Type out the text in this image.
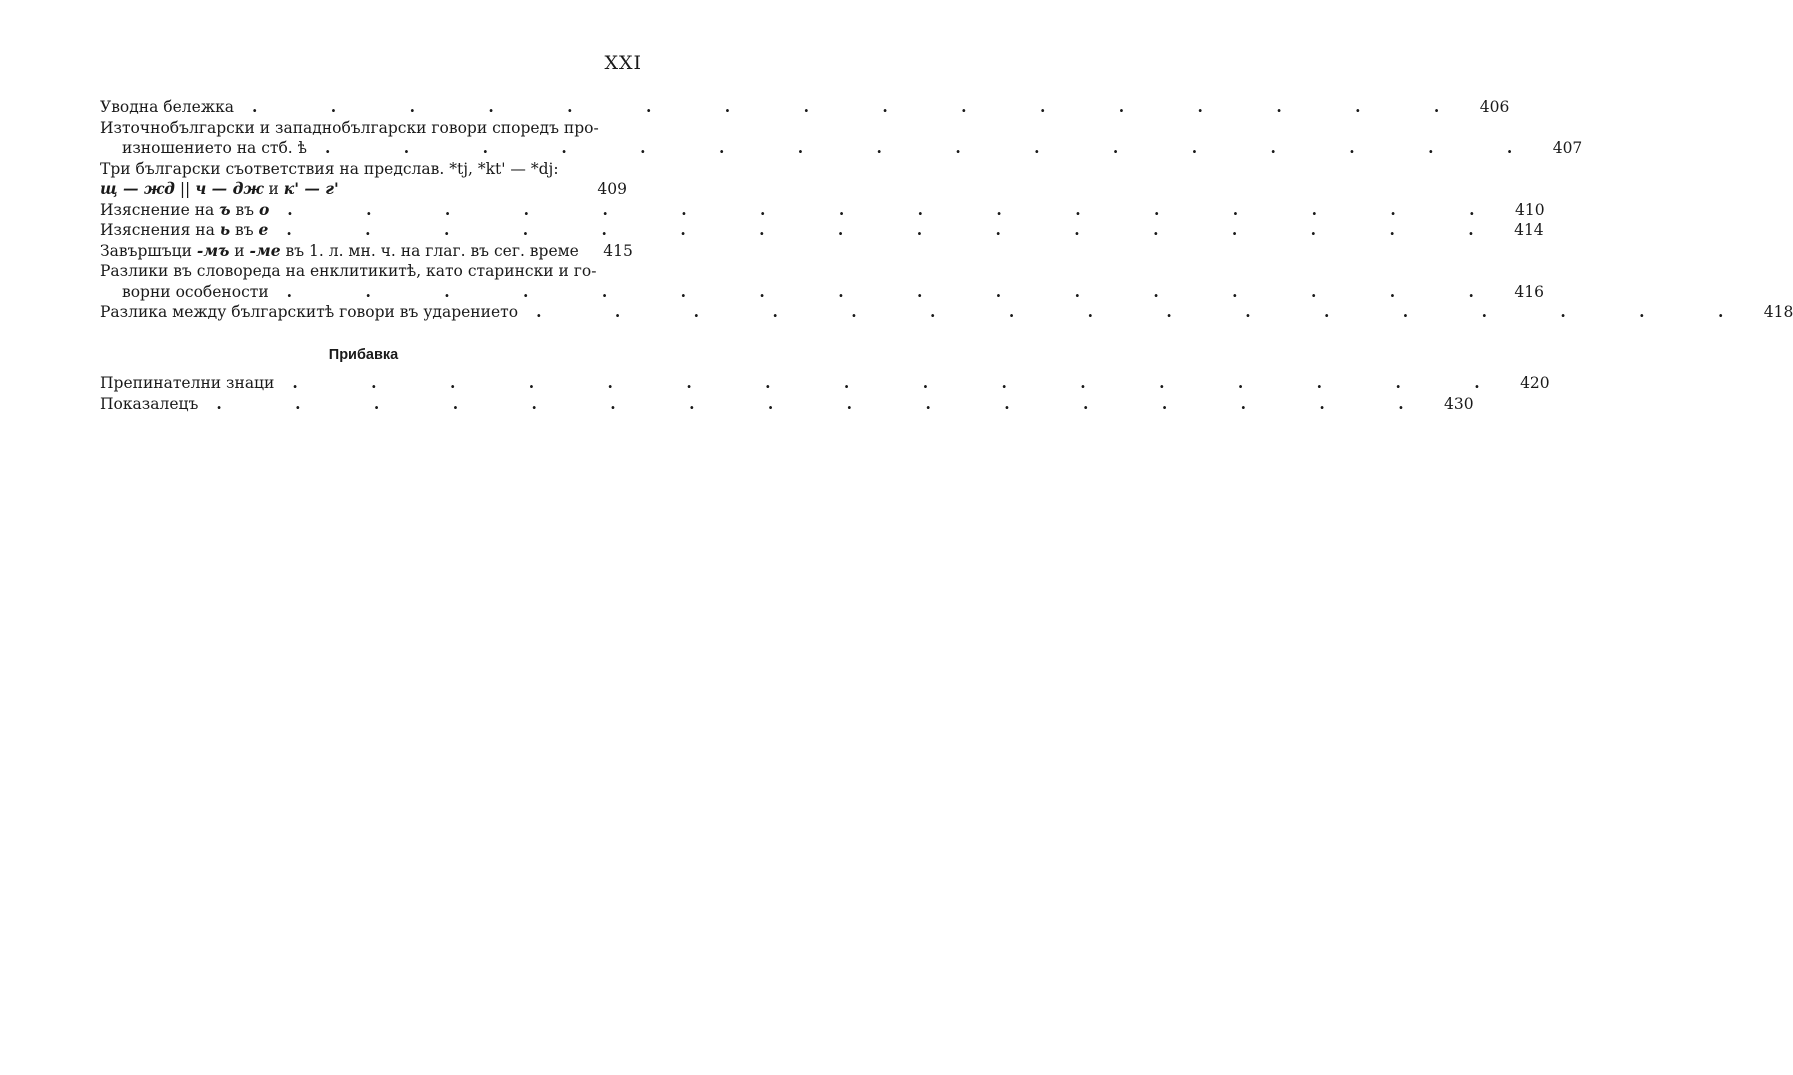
XXI
Уводна бележка	. . . . . . . . . . . . . . . . 406
Източнобългарски и западнобългарски говори споредъ про-
изношението на стб. ѣ	. . . . . . . . . . . . . . . . 407
Три български съответствия на предслав. *tj, *kt' — *dj:
щ — жд || ч — дж и к' — г'	409
Изяснение на ъ въ о	. . . . . . . . . . . . . . . . 410
Изяснения на ь въ е	. . . . . . . . . . . . . . . . 414
Завършъци -мъ и -ме въ 1. л. мн. ч. на глаг. въ сег. време	415
Разлики въ словореда на енклитикитѣ, като старински и го-
ворни особености	. . . . . . . . . . . . . . . . 416
Разлика между българскитѣ говори въ ударението	. . . . . . . . . . . . . . . . 418
Прибавка
Препинателни знаци	. . . . . . . . . . . . . . . . 420
Показалецъ	. . . . . . . . . . . . . . . . 430
